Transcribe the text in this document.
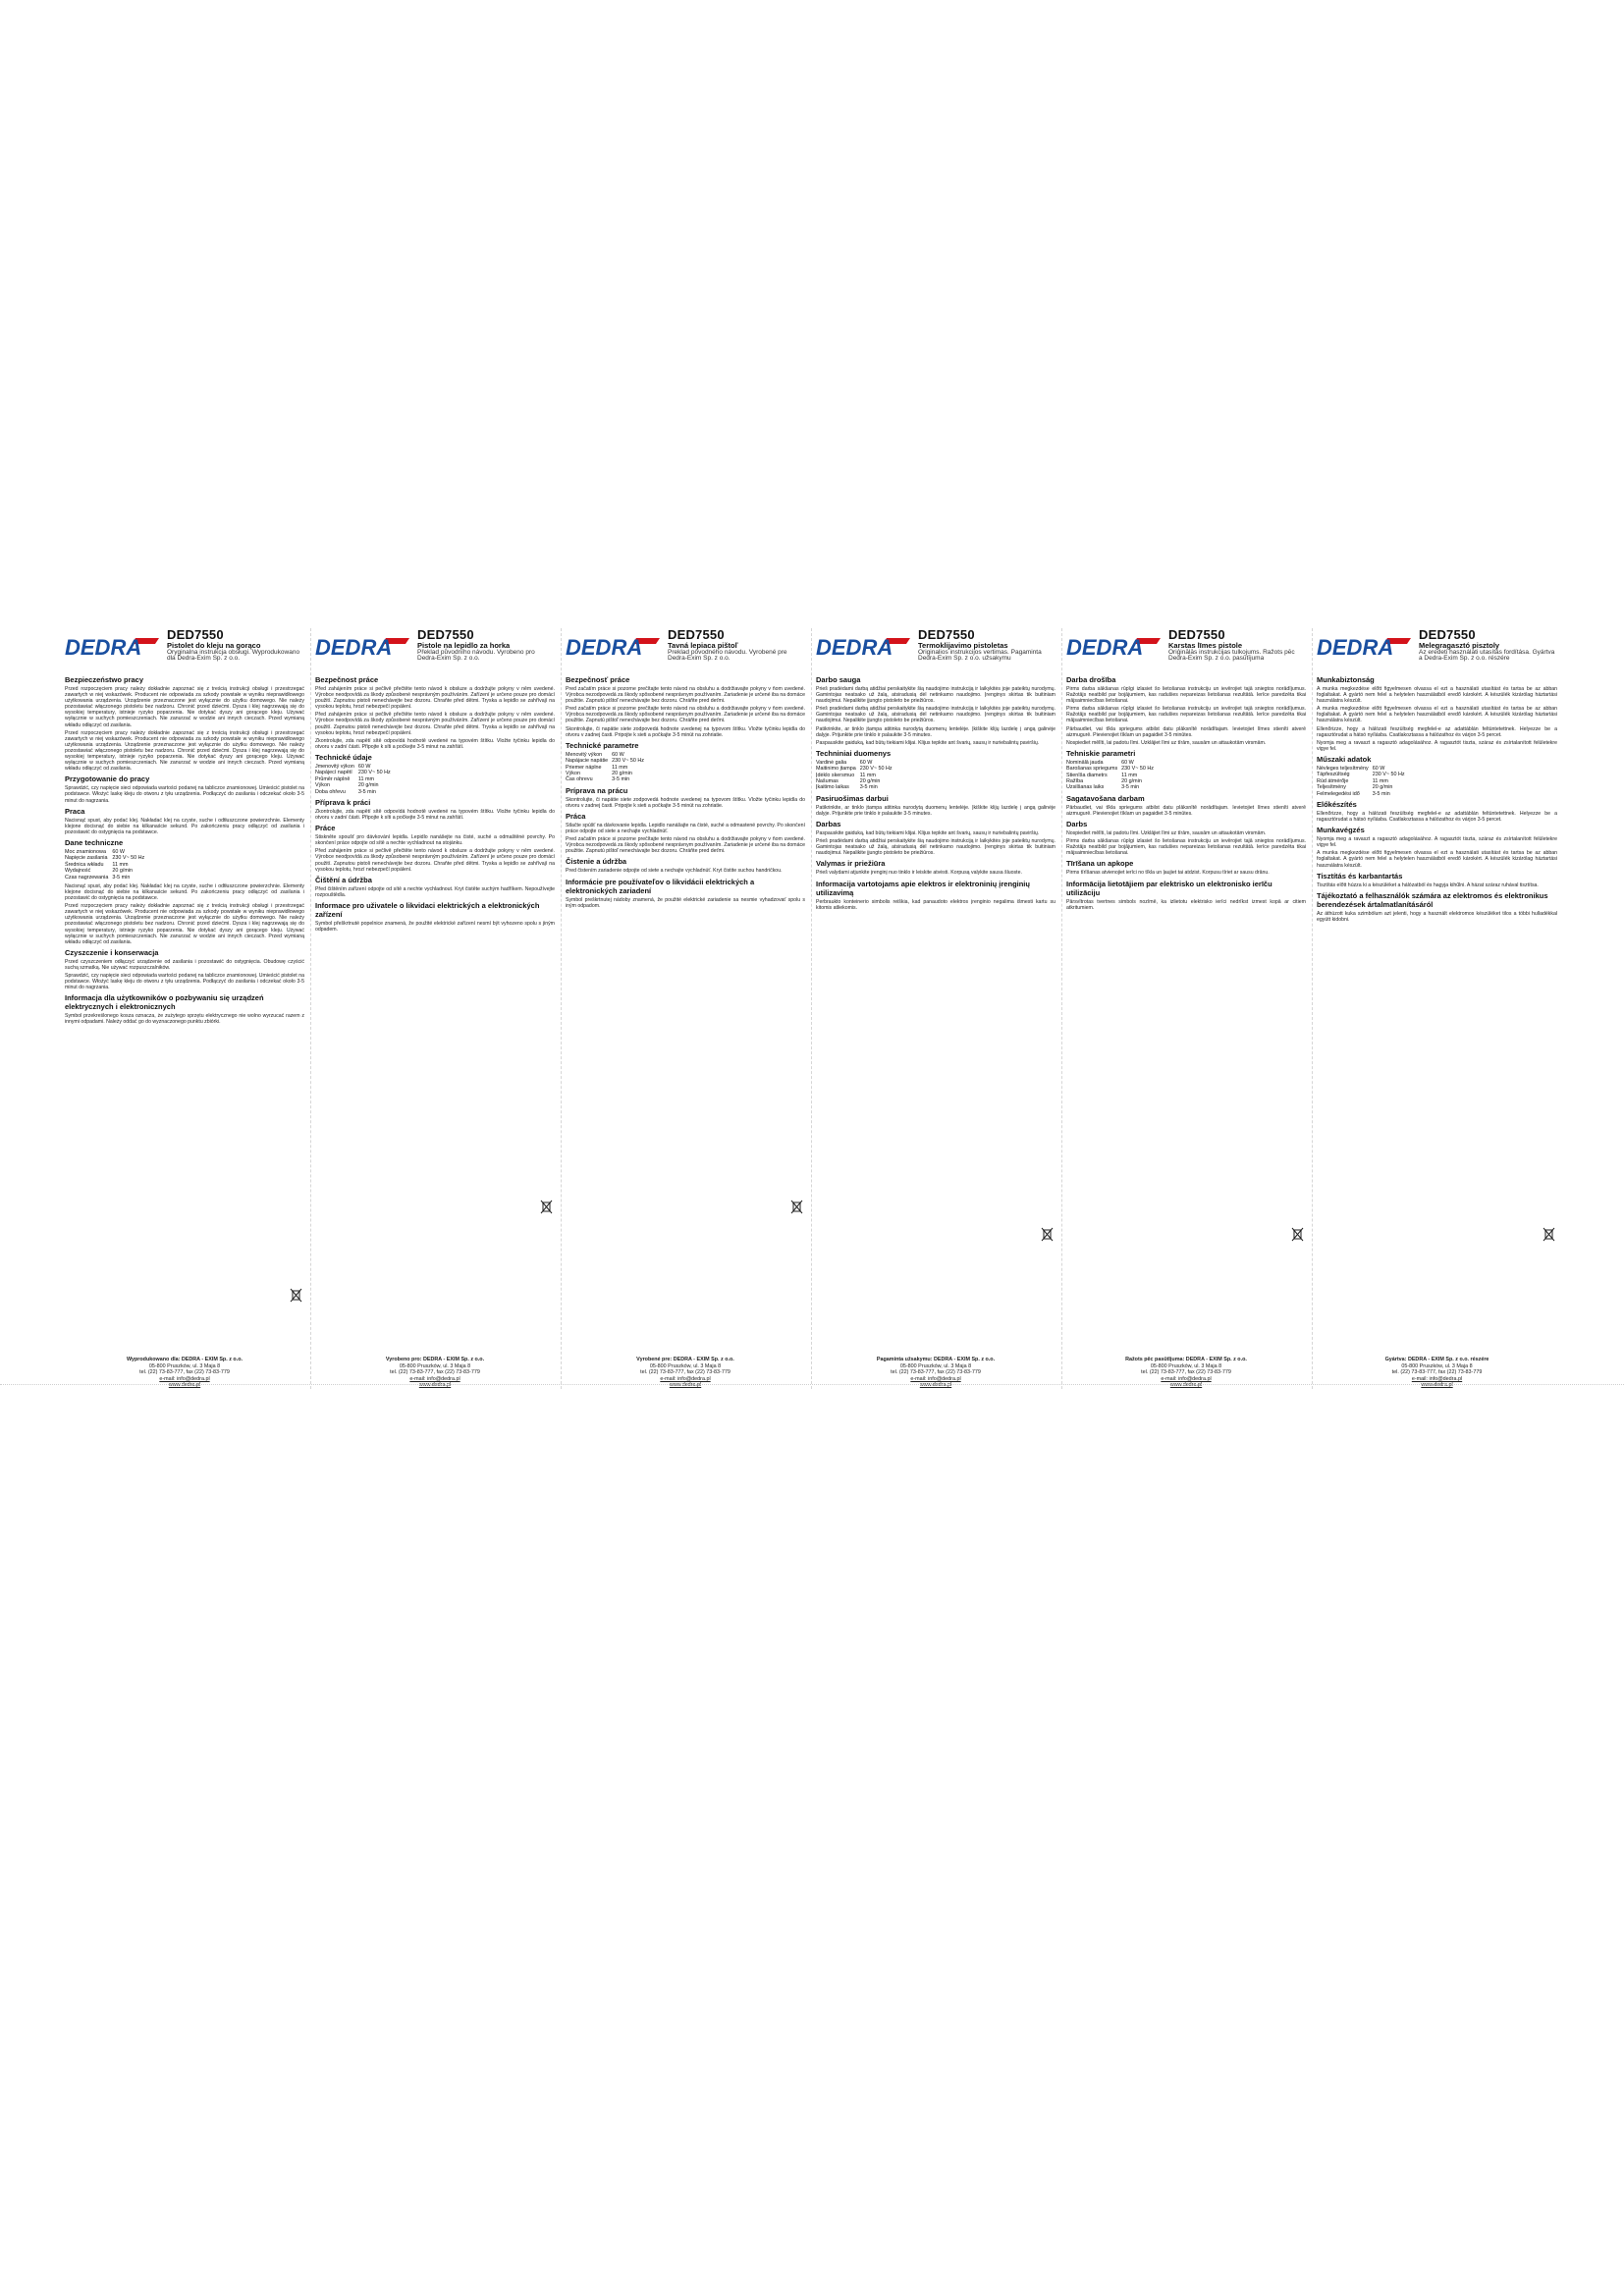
DEDRA
DED7550
Pistolet do kleju na gorąco
Oryginalna instrukcja obsługi. Wyprodukowano dla Dedra-Exim Sp. z o.o.
Bezpieczeństwo pracy

Przed rozpoczęciem pracy należy dokładnie zapoznać się z treścią instrukcji obsługi i przestrzegać zawartych w niej wskazówek. Producent nie odpowiada za szkody powstałe w wyniku nieprawidłowego użytkowania urządzenia. Urządzenie przeznaczone jest wyłącznie do użytku domowego. Nie należy pozostawiać włączonego pistoletu bez nadzoru. Chronić przed dziećmi. Dysza i klej nagrzewają się do wysokiej temperatury, istnieje ryzyko poparzenia. Nie dotykać dyszy ani gorącego kleju. Używać wyłącznie w suchych pomieszczeniach. Nie zanurzać w wodzie ani innych cieczach. Przed wymianą wkładu odłączyć od zasilania.

Przed rozpoczęciem pracy należy dokładnie zapoznać się z treścią instrukcji obsługi i przestrzegać zawartych w niej wskazówek. Producent nie odpowiada za szkody powstałe w wyniku nieprawidłowego użytkowania urządzenia. Urządzenie przeznaczone jest wyłącznie do użytku domowego. Nie należy pozostawiać włączonego pistoletu bez nadzoru. Chronić przed dziećmi. Dysza i klej nagrzewają się do wysokiej temperatury, istnieje ryzyko poparzenia. Nie dotykać dyszy ani gorącego kleju. Używać wyłącznie w suchych pomieszczeniach. Nie zanurzać w wodzie ani innych cieczach. Przed wymianą wkładu odłączyć od zasilania.

Przygotowanie do pracy

Sprawdzić, czy napięcie sieci odpowiada wartości podanej na tabliczce znamionowej. Umieścić pistolet na podstawce. Włożyć laskę kleju do otworu z tyłu urządzenia. Podłączyć do zasilania i odczekać około 3-5 minut do nagrzania.

Praca

Nacisnąć spust, aby podać klej. Nakładać klej na czyste, suche i odtłuszczone powierzchnie. Elementy klejone docisnąć do siebie na kilkanaście sekund. Po zakończeniu pracy odłączyć od zasilania i pozostawić do ostygnięcia na podstawce.

Dane techniczne
Moc znamionowa	60 W
Napięcie zasilania	230 V~ 50 Hz
Średnica wkładu	11 mm
Wydajność	20 g/min
Czas nagrzewania	3-5 min

Nacisnąć spust, aby podać klej. Nakładać klej na czyste, suche i odtłuszczone powierzchnie. Elementy klejone docisnąć do siebie na kilkanaście sekund. Po zakończeniu pracy odłączyć od zasilania i pozostawić do ostygnięcia na podstawce.

Przed rozpoczęciem pracy należy dokładnie zapoznać się z treścią instrukcji obsługi i przestrzegać zawartych w niej wskazówek. Producent nie odpowiada za szkody powstałe w wyniku nieprawidłowego użytkowania urządzenia. Urządzenie przeznaczone jest wyłącznie do użytku domowego. Nie należy pozostawiać włączonego pistoletu bez nadzoru. Chronić przed dziećmi. Dysza i klej nagrzewają się do wysokiej temperatury, istnieje ryzyko poparzenia. Nie dotykać dyszy ani gorącego kleju. Używać wyłącznie w suchych pomieszczeniach. Nie zanurzać w wodzie ani innych cieczach. Przed wymianą wkładu odłączyć od zasilania.

Czyszczenie i konserwacja

Przed czyszczeniem odłączyć urządzenie od zasilania i pozostawić do ostygnięcia. Obudowę czyścić suchą szmatką. Nie używać rozpuszczalników.

Sprawdzić, czy napięcie sieci odpowiada wartości podanej na tabliczce znamionowej. Umieścić pistolet na podstawce. Włożyć laskę kleju do otworu z tyłu urządzenia. Podłączyć do zasilania i odczekać około 3-5 minut do nagrzania.

Informacja dla użytkowników o pozbywaniu się urządzeń elektrycznych i elektronicznych

Symbol przekreślonego kosza oznacza, że zużytego sprzętu elektrycznego nie wolno wyrzucać razem z innymi odpadami. Należy oddać go do wyznaczonego punktu zbiórki.

Wyprodukowano dla: DEDRA - EXIM Sp. z o.o.
05-800 Pruszków, ul. 3 Maja 8
tel. (22) 73-83-777, fax (22) 73-83-779
e-mail: info@dedra.pl
www.dedra.pl
DEDRA
DED7550
Pistole na lepidlo za horka
Překlad původního návodu. Vyrobeno pro Dedra-Exim Sp. z o.o.
Bezpečnost práce

Před zahájením práce si pečlivě přečtěte tento návod k obsluze a dodržujte pokyny v něm uvedené. Výrobce neodpovídá za škody způsobené nesprávným používáním. Zařízení je určeno pouze pro domácí použití. Zapnutou pistoli nenechávejte bez dozoru. Chraňte před dětmi. Tryska a lepidlo se zahřívají na vysokou teplotu, hrozí nebezpečí popálení.

Před zahájením práce si pečlivě přečtěte tento návod k obsluze a dodržujte pokyny v něm uvedené. Výrobce neodpovídá za škody způsobené nesprávným používáním. Zařízení je určeno pouze pro domácí použití. Zapnutou pistoli nenechávejte bez dozoru. Chraňte před dětmi. Tryska a lepidlo se zahřívají na vysokou teplotu, hrozí nebezpečí popálení.

Zkontrolujte, zda napětí sítě odpovídá hodnotě uvedené na typovém štítku. Vložte tyčinku lepidla do otvoru v zadní části. Připojte k síti a počkejte 3-5 minut na zahřátí.

Technické údaje
Jmenovitý výkon	60 W
Napájecí napětí	230 V~ 50 Hz
Průměr náplně	11 mm
Výkon	20 g/min
Doba ohřevu	3-5 min
Příprava k práci

Zkontrolujte, zda napětí sítě odpovídá hodnotě uvedené na typovém štítku. Vložte tyčinku lepidla do otvoru v zadní části. Připojte k síti a počkejte 3-5 minut na zahřátí.

Práce

Stiskněte spoušť pro dávkování lepidla. Lepidlo nanášejte na čisté, suché a odmaštěné povrchy. Po skončení práce odpojte od sítě a nechte vychladnout na stojánku.

Před zahájením práce si pečlivě přečtěte tento návod k obsluze a dodržujte pokyny v něm uvedené. Výrobce neodpovídá za škody způsobené nesprávným používáním. Zařízení je určeno pouze pro domácí použití. Zapnutou pistoli nenechávejte bez dozoru. Chraňte před dětmi. Tryska a lepidlo se zahřívají na vysokou teplotu, hrozí nebezpečí popálení.

Čištění a údržba

Před čištěním zařízení odpojte od sítě a nechte vychladnout. Kryt čistěte suchým hadříkem. Nepoužívejte rozpouštědla.

Informace pro uživatele o likvidaci elektrických a elektronických zařízení

Symbol přeškrtnuté popelnice znamená, že použité elektrické zařízení nesmí být vyhozeno spolu s jiným odpadem.

Vyrobeno pro: DEDRA - EXIM Sp. z o.o.
05-800 Pruszków, ul. 3 Maja 8
tel. (22) 73-83-777, fax (22) 73-83-779
e-mail: info@dedra.pl
www.dedra.pl
DEDRA
DED7550
Tavná lepiaca pištoľ
Preklad pôvodného návodu. Vyrobené pre Dedra-Exim Sp. z o.o.
Bezpečnosť práce

Pred začatím práce si pozorne prečítajte tento návod na obsluhu a dodržiavajte pokyny v ňom uvedené. Výrobca nezodpovedá za škody spôsobené nesprávnym používaním. Zariadenie je určené iba na domáce použitie. Zapnutú pištoľ nenechávajte bez dozoru. Chráňte pred deťmi.

Pred začatím práce si pozorne prečítajte tento návod na obsluhu a dodržiavajte pokyny v ňom uvedené. Výrobca nezodpovedá za škody spôsobené nesprávnym používaním. Zariadenie je určené iba na domáce použitie. Zapnutú pištoľ nenechávajte bez dozoru. Chráňte pred deťmi.

Skontrolujte, či napätie siete zodpovedá hodnote uvedenej na typovom štítku. Vložte tyčinku lepidla do otvoru v zadnej časti. Pripojte k sieti a počkajte 3-5 minút na zohriatie.

Technické parametre
Menovitý výkon	60 W
Napájacie napätie	230 V~ 50 Hz
Priemer náplne	11 mm
Výkon	20 g/min
Čas ohrevu	3-5 min
Príprava na prácu

Skontrolujte, či napätie siete zodpovedá hodnote uvedenej na typovom štítku. Vložte tyčinku lepidla do otvoru v zadnej časti. Pripojte k sieti a počkajte 3-5 minút na zohriatie.

Práca

Stlačte spúšť na dávkovanie lepidla. Lepidlo nanášajte na čisté, suché a odmastené povrchy. Po skončení práce odpojte od siete a nechajte vychladnúť.

Pred začatím práce si pozorne prečítajte tento návod na obsluhu a dodržiavajte pokyny v ňom uvedené. Výrobca nezodpovedá za škody spôsobené nesprávnym používaním. Zariadenie je určené iba na domáce použitie. Zapnutú pištoľ nenechávajte bez dozoru. Chráňte pred deťmi.

Čistenie a údržba

Pred čistením zariadenie odpojte od siete a nechajte vychladnúť. Kryt čistite suchou handričkou.

Informácie pre používateľov o likvidácii elektrických a elektronických zariadení

Symbol preškrtnutej nádoby znamená, že použité elektrické zariadenie sa nesmie vyhadzovať spolu s iným odpadom.

Vyrobené pre: DEDRA - EXIM Sp. z o.o.
05-800 Pruszków, ul. 3 Maja 8
tel. (22) 73-83-777, fax (22) 73-83-779
e-mail: info@dedra.pl
www.dedra.pl
DEDRA
DED7550
Termoklijavimo pistoletas
Originalios instrukcijos vertimas. Pagaminta Dedra-Exim Sp. z o.o. užsakymu
Darbo sauga

Prieš pradėdami darbą atidžiai perskaitykite šią naudojimo instrukciją ir laikykitės joje pateiktų nurodymų. Gamintojas neatsako už žalą, atsiradusią dėl netinkamo naudojimo. Įrenginys skirtas tik buitiniam naudojimui. Nepalikite įjungto pistoleto be priežiūros.

Prieš pradėdami darbą atidžiai perskaitykite šią naudojimo instrukciją ir laikykitės joje pateiktų nurodymų. Gamintojas neatsako už žalą, atsiradusią dėl netinkamo naudojimo. Įrenginys skirtas tik buitiniam naudojimui. Nepalikite įjungto pistoleto be priežiūros.

Patikrinkite, ar tinklo įtampa atitinka nurodytą duomenų lentelėje. Įkiškite klijų lazdelę į angą galinėje dalyje. Prijunkite prie tinklo ir palaukite 3-5 minutes.

Paspauskite gaiduką, kad būtų tiekiami klijai. Klijus tepkite ant švarių, sausų ir nuriebalintų paviršių.

Techniniai duomenys
Vardinė galia	60 W
Maitinimo įtampa	230 V~ 50 Hz
Įdėklo skersmuo	11 mm
Našumas	20 g/min
Įkaitimo laikas	3-5 min
Pasiruošimas darbui

Patikrinkite, ar tinklo įtampa atitinka nurodytą duomenų lentelėje. Įkiškite klijų lazdelę į angą galinėje dalyje. Prijunkite prie tinklo ir palaukite 3-5 minutes.

Darbas

Paspauskite gaiduką, kad būtų tiekiami klijai. Klijus tepkite ant švarių, sausų ir nuriebalintų paviršių.

Prieš pradėdami darbą atidžiai perskaitykite šią naudojimo instrukciją ir laikykitės joje pateiktų nurodymų. Gamintojas neatsako už žalą, atsiradusią dėl netinkamo naudojimo. Įrenginys skirtas tik buitiniam naudojimui. Nepalikite įjungto pistoleto be priežiūros.

Valymas ir priežiūra

Prieš valydami atjunkite įrenginį nuo tinklo ir leiskite atvėsti. Korpusą valykite sausa šluoste.

Informacija vartotojams apie elektros ir elektroninių įrenginių utilizavimą

Perbraukto konteinerio simbolis reiškia, kad panaudoto elektros įrenginio negalima išmesti kartu su kitomis atliekomis.

Pagaminta užsakymu: DEDRA - EXIM Sp. z o.o.
05-800 Pruszków, ul. 3 Maja 8
tel. (22) 73-83-777, fax (22) 73-83-779
e-mail: info@dedra.pl
www.dedra.pl
DEDRA
DED7550
Karstas līmes pistole
Oriģinālās instrukcijas tulkojums. Ražots pēc Dedra-Exim Sp. z o.o. pasūtījuma
Darba drošība

Pirms darba sākšanas rūpīgi izlasiet šo lietošanas instrukciju un ievērojiet tajā sniegtos norādījumus. Ražotājs neatbild par bojājumiem, kas radušies nepareizas lietošanas rezultātā. Ierīce paredzēta tikai mājsaimniecības lietošanai.

Pirms darba sākšanas rūpīgi izlasiet šo lietošanas instrukciju un ievērojiet tajā sniegtos norādījumus. Ražotājs neatbild par bojājumiem, kas radušies nepareizas lietošanas rezultātā. Ierīce paredzēta tikai mājsaimniecības lietošanai.

Pārbaudiet, vai tīkla spriegums atbilst datu plāksnītē norādītajam. Ievietojiet līmes stienīti atverē aizmugurē. Pievienojiet tīklam un pagaidiet 3-5 minūtes.

Nospiediet mēlīti, lai padotu līmi. Uzklājiet līmi uz tīrām, sausām un attaukotām virsmām.

Tehniskie parametri
Nominālā jauda	60 W
Barošanas spriegums	230 V~ 50 Hz
Stienīša diametrs	11 mm
Ražība	20 g/min
Uzsilšanas laiks	3-5 min
Sagatavošana darbam

Pārbaudiet, vai tīkla spriegums atbilst datu plāksnītē norādītajam. Ievietojiet līmes stienīti atverē aizmugurē. Pievienojiet tīklam un pagaidiet 3-5 minūtes.

Darbs

Nospiediet mēlīti, lai padotu līmi. Uzklājiet līmi uz tīrām, sausām un attaukotām virsmām.

Pirms darba sākšanas rūpīgi izlasiet šo lietošanas instrukciju un ievērojiet tajā sniegtos norādījumus. Ražotājs neatbild par bojājumiem, kas radušies nepareizas lietošanas rezultātā. Ierīce paredzēta tikai mājsaimniecības lietošanai.

Tīrīšana un apkope

Pirms tīrīšanas atvienojiet ierīci no tīkla un ļaujiet tai atdzist. Korpusu tīriet ar sausu drānu.

Informācija lietotājiem par elektrisko un elektronisko ierīču utilizāciju

Pārsvītrotas tvertnes simbols nozīmē, ka izlietotu elektrisko ierīci nedrīkst izmest kopā ar citiem atkritumiem.

Ražots pēc pasūtījuma: DEDRA - EXIM Sp. z o.o.
05-800 Pruszków, ul. 3 Maja 8
tel. (22) 73-83-777, fax (22) 73-83-779
e-mail: info@dedra.pl
www.dedra.pl
DEDRA
DED7550
Melegragasztó pisztoly
Az eredeti használati utasítás fordítása. Gyártva a Dedra-Exim Sp. z o.o. részére
Munkabiztonság

A munka megkezdése előtt figyelmesen olvassa el ezt a használati utasítást és tartsa be az abban foglaltakat. A gyártó nem felel a helytelen használatból eredő károkért. A készülék kizárólag háztartási használatra készült.

A munka megkezdése előtt figyelmesen olvassa el ezt a használati utasítást és tartsa be az abban foglaltakat. A gyártó nem felel a helytelen használatból eredő károkért. A készülék kizárólag háztartási használatra készült.

Ellenőrizze, hogy a hálózati feszültség megfelel-e az adattáblán feltüntetettnek. Helyezze be a ragasztórudat a hátsó nyílásba. Csatlakoztassa a hálózathoz és várjon 3-5 percet.

Nyomja meg a ravaszt a ragasztó adagolásához. A ragasztót tiszta, száraz és zsírtalanított felületekre vigye fel.

Műszaki adatok
Névleges teljesítmény	60 W
Tápfeszültség	230 V~ 50 Hz
Rúd átmérője	11 mm
Teljesítmény	20 g/min
Felmelegedési idő	3-5 min
Előkészítés

Ellenőrizze, hogy a hálózati feszültség megfelel-e az adattáblán feltüntetettnek. Helyezze be a ragasztórudat a hátsó nyílásba. Csatlakoztassa a hálózathoz és várjon 3-5 percet.

Munkavégzés

Nyomja meg a ravaszt a ragasztó adagolásához. A ragasztót tiszta, száraz és zsírtalanított felületekre vigye fel.

A munka megkezdése előtt figyelmesen olvassa el ezt a használati utasítást és tartsa be az abban foglaltakat. A gyártó nem felel a helytelen használatból eredő károkért. A készülék kizárólag háztartási használatra készült.

Tisztítás és karbantartás

Tisztítás előtt húzza ki a készüléket a hálózatból és hagyja kihűlni. A házat száraz ruhával tisztítsa.

Tájékoztató a felhasználók számára az elektromos és elektronikus berendezések ártalmatlanításáról

Az áthúzott kuka szimbólum azt jelenti, hogy a használt elektromos készüléket tilos a többi hulladékkal együtt kidobni.

Gyártva: DEDRA - EXIM Sp. z o.o. részére
05-800 Pruszków, ul. 3 Maja 8
tel. (22) 73-83-777, fax (22) 73-83-779
e-mail: info@dedra.pl
www.dedra.pl
